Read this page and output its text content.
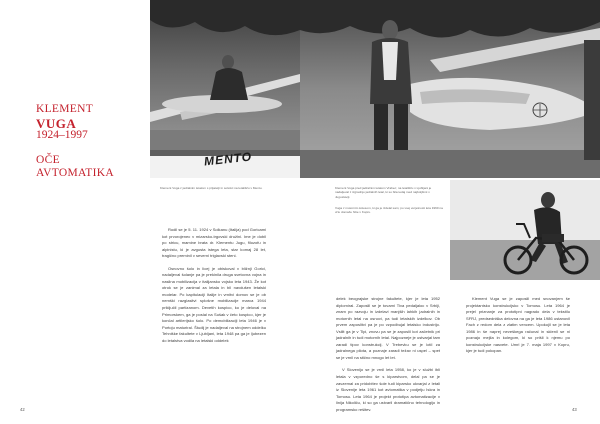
KLEMENT
VUGA
1924–1997
OČE
AVTOMATIKA
MENTO
Klement Vuga z jadralnim letalom s prijatelji in sošolci na letališču v Mentu.

Rodil se je 5. 11. 1924 v Solkanu (Italija) pod Goricami kot prvorojenec v mizarsko-trgovski družini. Ime je dobil po stricu, mamine brata dr. Klementu Jugu, filozofu in alpinistu, ki je avgusta istega leta, star komaj 28 let, tragično preminil v severni triglavski steni.

Osnovno šolo in licej je obiskoval v bližnji Gorici, nadaljeval šolanje pa je prekinila druga svetovna vojna in nasilna mobilizacija v italijansko vojsko leta 1943. Že kot otrok se je zanimal za letala in bil navdušen letalski modelar. Po kapitulaciji Italije in vrnitvi domov se je ob nemški razglasitvi splošne mobilizacije marca 1944 priključil partizanom. Devetih kospico, ko je deloval na Primorskem, ga je poslal na Sušak v četo kospico, kjer je končal artilerijsko šolo. Po demobilizaciji leta 1946 je v Portoju maturiral. Študij je nadaljeval na strojnem oddelku Tehniške fakultete v Ljubljani, leta 1948 pa ga je ljubezen do letalstva vodila na letalski oddelek

42
Klement Vuga pred jadralnim letalom Vrabec; na letališču v Ljubljani je nadaljeval z izgradnjo jadralnih letal, ki so bila tedaj med najboljšimi v Jugoslaviji.
Vuga z motornim kolesom, ki ga je izdelal sam; po vsej verjetnosti leta 1960 na vrtu domače hiše v Kopru.

delek beograjske strojne fakultete, kjer je leta 1952 diplomiral. Zaposlil se je tovarni Tiva pedaljaloc v Srbiji, znam po razvoju in izdelavi manjših lahkih jadralnih in motornih letal na osnovi, pa tudi letalskih izdelkov. Ob prvem zaposlitvi pa je po vzpodbujal letalsko industrijo. Vsilit ga je v Tipi, znovu pa se je zaposlil kot začetnik pri jadralnih in tudi motornih letal. Najpozneje je ustvarjal tam zaradi tipov konstrukcij. V Trebevku se je lotil za jadralnega pilota, a poznaje zaradi težav ni uspel – spet se je vrnil na stično mnogo let let.

V Slovenijo se je vrnil leta 1958, ko je v službi ibli letala v vzporedno še s kiparstvom, delal pa se je zavzemal za pridobitev šole tudi kiparsko ukvarjal z letali iz Slovenije leta 1961 kot avtomatika v podjetju Iskra in Tomosu. Leta 1964 je projekt prototipa avtomatizacije v linija Nikoliču, ki so ga ustvaril dramatično tehnologijo in programsko rešitev.

Klement Vuga se je zaposlil med snovanjem še projektantsko konstrukcijsko v Tomosu. Leta 1964 je prejel priznanje za prototipni nagrado dela v tekstilu SFRJ, predsedniška delovna na ga je leta 1986 ustanovil Fach z redom dela z zlatim vencem. Upokojil se je leta 1986 in še naprej neveškega računal in sklenil se ni poznajo mejila in kolegom, ki so prišli k njemu po konstrukcijske nasvete. Umrl je 7. maja 1997 v Kopru, kjer je tudi pokopan.

43
